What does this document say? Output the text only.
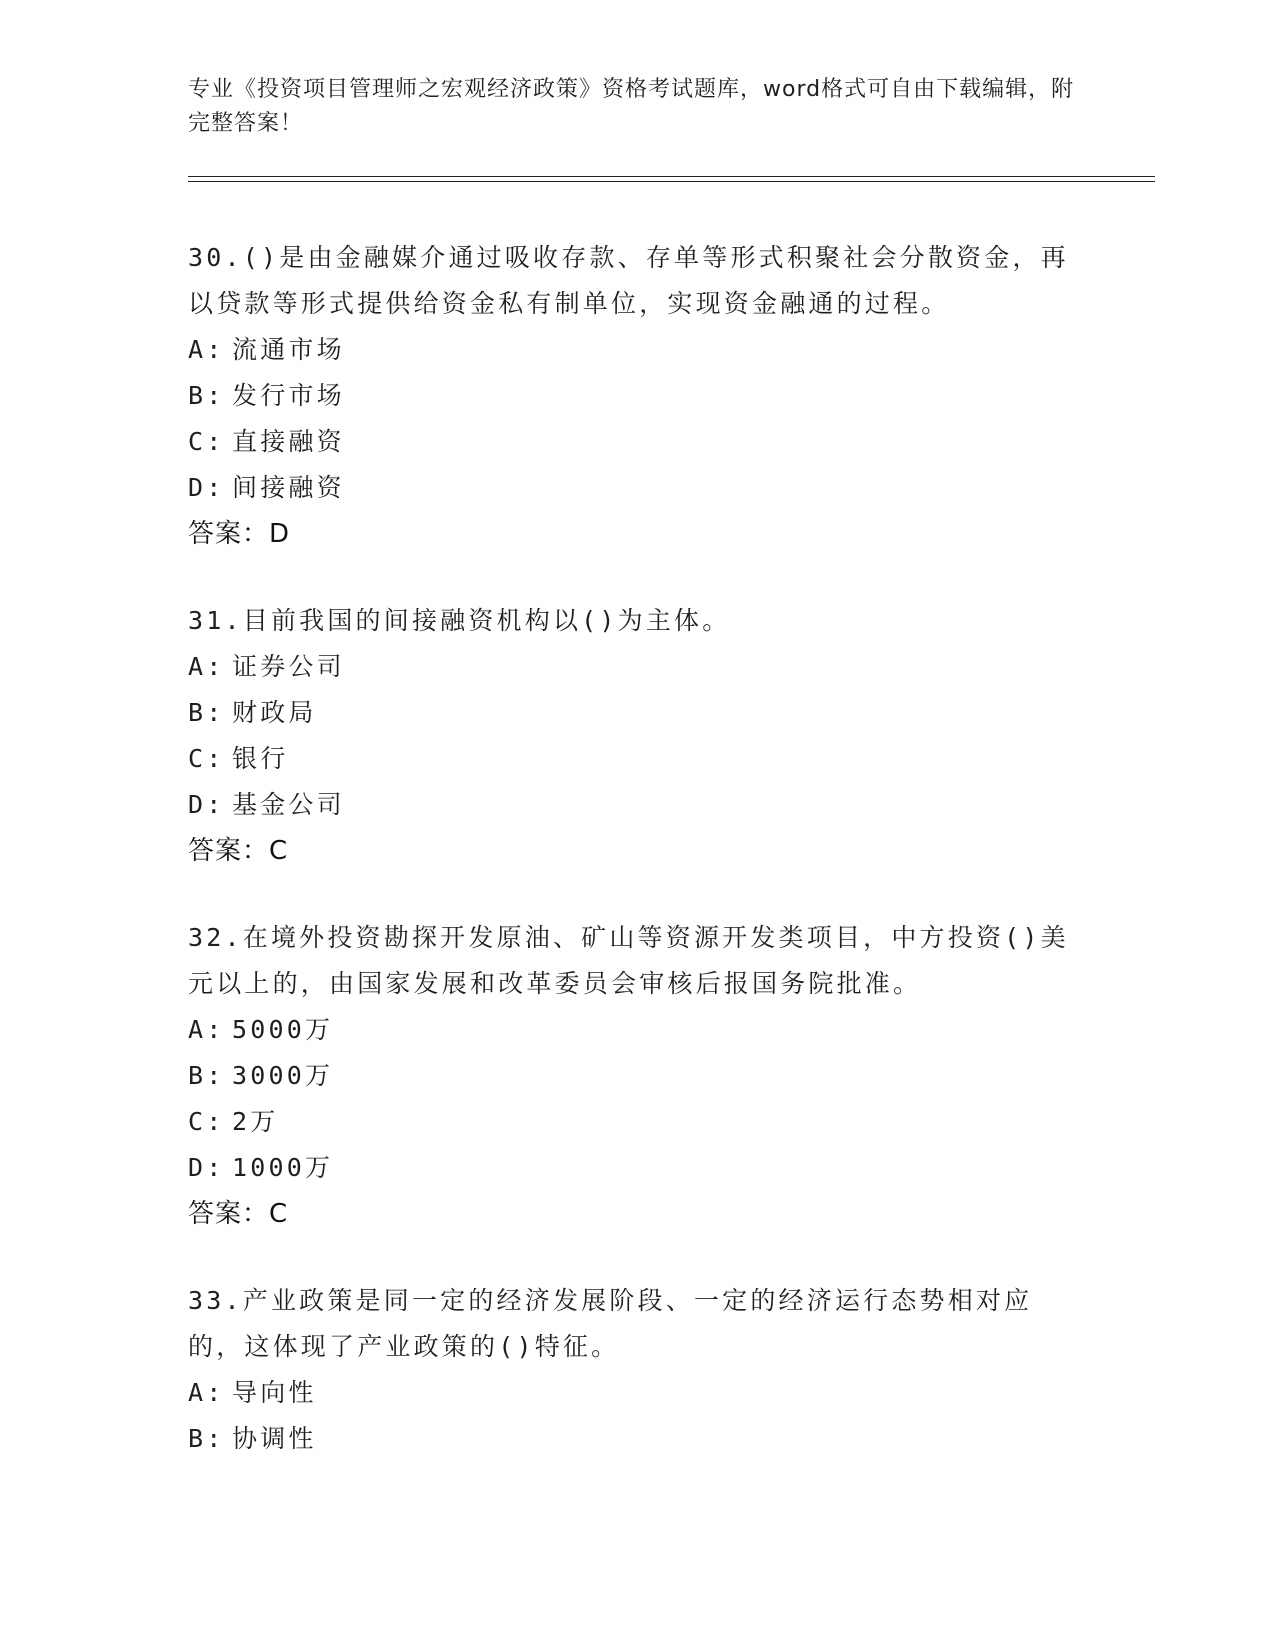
专业《投资项目管理师之宏观经济政策》资格考试题库，word格式可自由下载编辑，附完整答案！
30.()是由金融媒介通过吸收存款、存单等形式积聚社会分散资金，再以贷款等形式提供给资金私有制单位，实现资金融通的过程。
A: 流通市场
B: 发行市场
C: 直接融资
D: 间接融资
答案：D
31.目前我国的间接融资机构以()为主体。
A: 证券公司
B: 财政局
C: 银行
D: 基金公司
答案：C
32.在境外投资勘探开发原油、矿山等资源开发类项目，中方投资()美元以上的，由国家发展和改革委员会审核后报国务院批准。
A: 5000万
B: 3000万
C: 2万
D: 1000万
答案：C
33.产业政策是同一定的经济发展阶段、一定的经济运行态势相对应的，这体现了产业政策的()特征。
A: 导向性
B: 协调性
